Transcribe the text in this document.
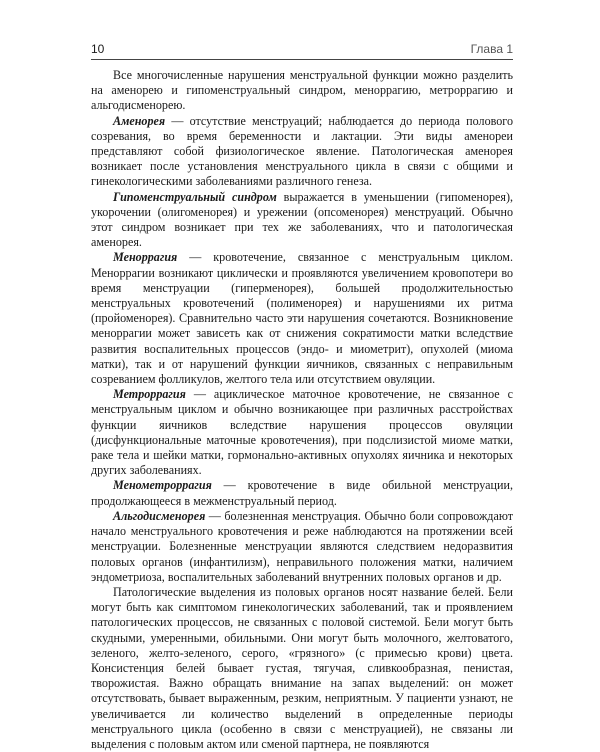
10	Глава 1

Все многочисленные нарушения менструальной функции можно разделить на аменорею и гипоменструальный синдром, меноррагию, метроррагию и альгодисменорею.

Аменорея — отсутствие менструаций; наблюдается до периода полового созревания, во время беременности и лактации. Эти виды аменореи представляют собой физиологическое явление. Патологическая аменорея возникает после установления менструального цикла в связи с общими и гинекологическими заболеваниями различного генеза.

Гипоменструальный синдром выражается в уменьшении (гипоменорея), укорочении (олигоменорея) и урежении (опсоменорея) менструаций. Обычно этот синдром возникает при тех же заболеваниях, что и патологическая аменорея.

Меноррагия — кровотечение, связанное с менструальным циклом. Меноррагии возникают циклически и проявляются увеличением кровопотери во время менструации (гиперменорея), большей продолжительностью менструальных кровотечений (полименорея) и нарушениями их ритма (пройоменорея). Сравнительно часто эти нарушения сочетаются. Возникновение меноррагии может зависеть как от снижения сократимости матки вследствие развития воспалительных процессов (эндо- и миометрит), опухолей (миома матки), так и от нарушений функции яичников, связанных с неправильным созреванием фолликулов, желтого тела или отсутствием овуляции.

Метроррагия — ациклическое маточное кровотечение, не связанное с менструальным циклом и обычно возникающее при различных расстройствах функции яичников вследствие нарушения процессов овуляции (дисфункциональные маточные кровотечения), при подслизистой миоме матки, раке тела и шейки матки, гормонально-активных опухолях яичника и некоторых других заболеваниях.

Менометроррагия — кровотечение в виде обильной менструации, продолжающееся в межменструальный период.

Альгодисменорея — болезненная менструация. Обычно боли сопровождают начало менструального кровотечения и реже наблюдаются на протяжении всей менструации. Болезненные менструации являются следствием недоразвития половых органов (инфантилизм), неправильного положения матки, наличием эндометриоза, воспалительных заболеваний внутренних половых органов и др.

Патологические выделения из половых органов носят название белей. Бели могут быть как симптомом гинекологических заболеваний, так и проявлением патологических процессов, не связанных с половой системой. Бели могут быть скудными, умеренными, обильными. Они могут быть молочного, желтоватого, зеленого, желто-зеленого, серого, «грязного» (с примесью крови) цвета. Консистенция белей бывает густая, тягучая, сливкообразная, пенистая, творожистая. Важно обращать внимание на запах выделений: он может отсутствовать, бывает выраженным, резким, неприятным. У пациенти узнают, не увеличивается ли количество выделений в определенные периоды менструального цикла (особенно в связи с менструацией), не связаны ли выделения с половым актом или сменой партнера, не появляются
